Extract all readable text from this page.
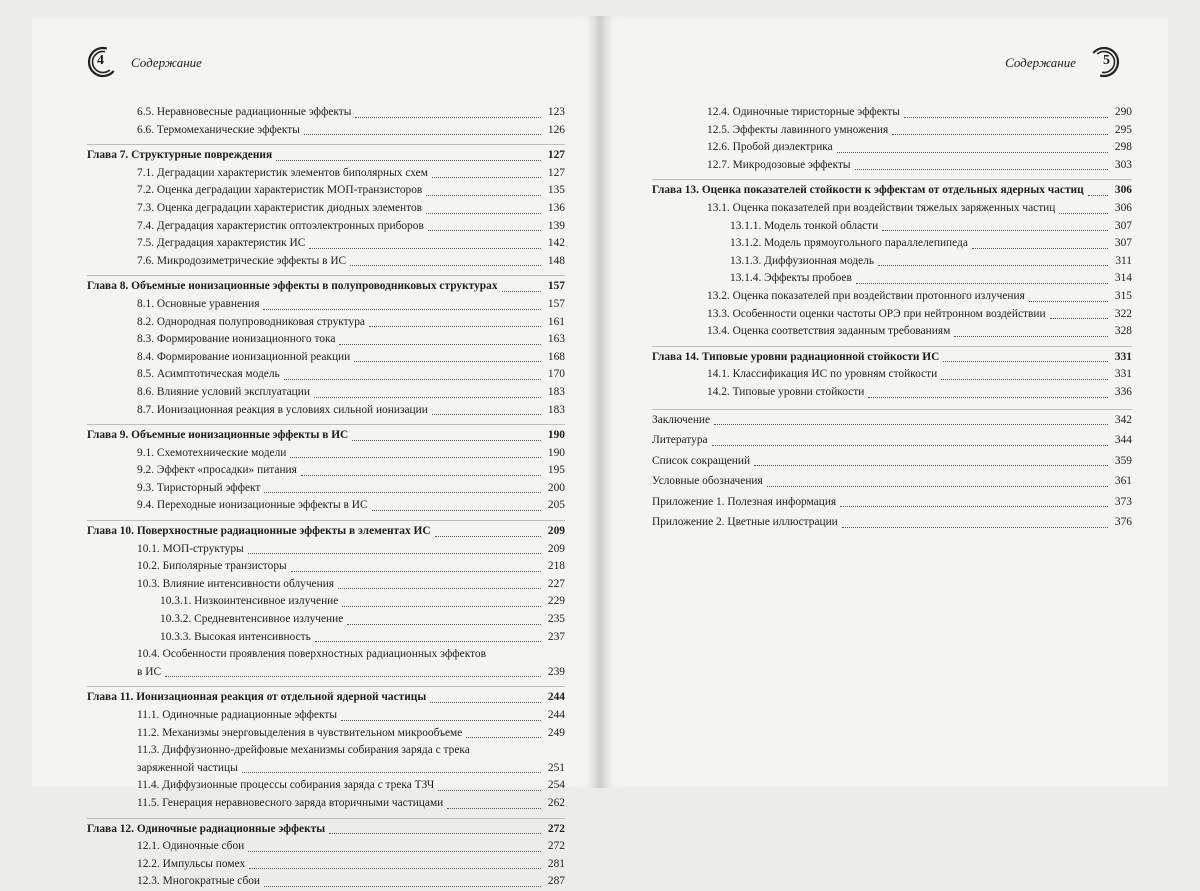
4 Содержание
6.5. Неравновесные радиационные эффекты	123
6.6. Термомеханические эффекты	126
Глава 7. Структурные повреждения	127
7.1. Деградации характеристик элементов биполярных схем	127
7.2. Оценка деградации характеристик МОП-транзисторов	135
7.3. Оценка деградации характеристик диодных элементов	136
7.4. Деградация характеристик оптоэлектронных приборов	139
7.5. Деградация характеристик ИС	142
7.6. Микродозиметрические эффекты в ИС	148
Глава 8. Объемные ионизационные эффекты в полупроводниковых структурах	157
8.1. Основные уравнения	157
8.2. Однородная полупроводниковая структура	161
8.3. Формирование ионизационного тока	163
8.4. Формирование ионизационной реакции	168
8.5. Асимптотическая модель	170
8.6. Влияние условий эксплуатации	183
8.7. Ионизационная реакция в условиях сильной ионизации	183
Глава 9. Объемные ионизационные эффекты в ИС	190
9.1. Схемотехнические модели	190
9.2. Эффект «просадки» питания	195
9.3. Тиристорный эффект	200
9.4. Переходные ионизационные эффекты в ИС	205
Глава 10. Поверхностные радиационные эффекты в элементах ИС	209
10.1. МОП-структуры	209
10.2. Биполярные транзисторы	218
10.3. Влияние интенсивности облучения	227
10.3.1. Низкоинтенсивное излучение	229
10.3.2. Средневнтенсивное излучение	235
10.3.3. Высокая интенсивность	237
10.4. Особенности проявления поверхностных радиационных эффектов
в ИС	239
Глава 11. Ионизационная реакция от отдельной ядерной частицы	244
11.1. Одиночные радиационные эффекты	244
11.2. Механизмы энерговыделения в чувствительном микрообъеме	249
11.3. Диффузионно-дрейфовые механизмы собирания заряда с трека
заряженной частицы	251
11.4. Диффузионные процессы собирания заряда с трека ТЗЧ	254
11.5. Генерация неравновесного заряда вторичными частицами	262
Глава 12. Одиночные радиационные эффекты	272
12.1. Одиночные сбои	272
12.2. Импульсы помех	281
12.3. Многократные сбои	287
Содержание 5
12.4. Одиночные тиристорные эффекты	290
12.5. Эффекты лавинного умножения	295
12.6. Пробой диэлектрика	298
12.7. Микродозовые эффекты	303
Глава 13. Оценка показателей стойкости к эффектам от отдельных ядерных частиц	306
13.1. Оценка показателей при воздействии тяжелых заряженных частиц	306
13.1.1. Модель тонкой области	307
13.1.2. Модель прямоугольного параллелепипеда	307
13.1.3. Диффузионная модель	311
13.1.4. Эффекты пробоев	314
13.2. Оценка показателей при воздействии протонного излучения	315
13.3. Особенности оценки частоты ОРЭ при нейтронном воздействии	322
13.4. Оценка соответствия заданным требованиям	328
Глава 14. Типовые уровни радиационной стойкости ИС	331
14.1. Классификация ИС по уровням стойкости	331
14.2. Типовые уровни стойкости	336
Заключение	342
Литература	344
Список сокращений	359
Условные обозначения	361
Приложение 1. Полезная информация	373
Приложение 2. Цветные иллюстрации	376
